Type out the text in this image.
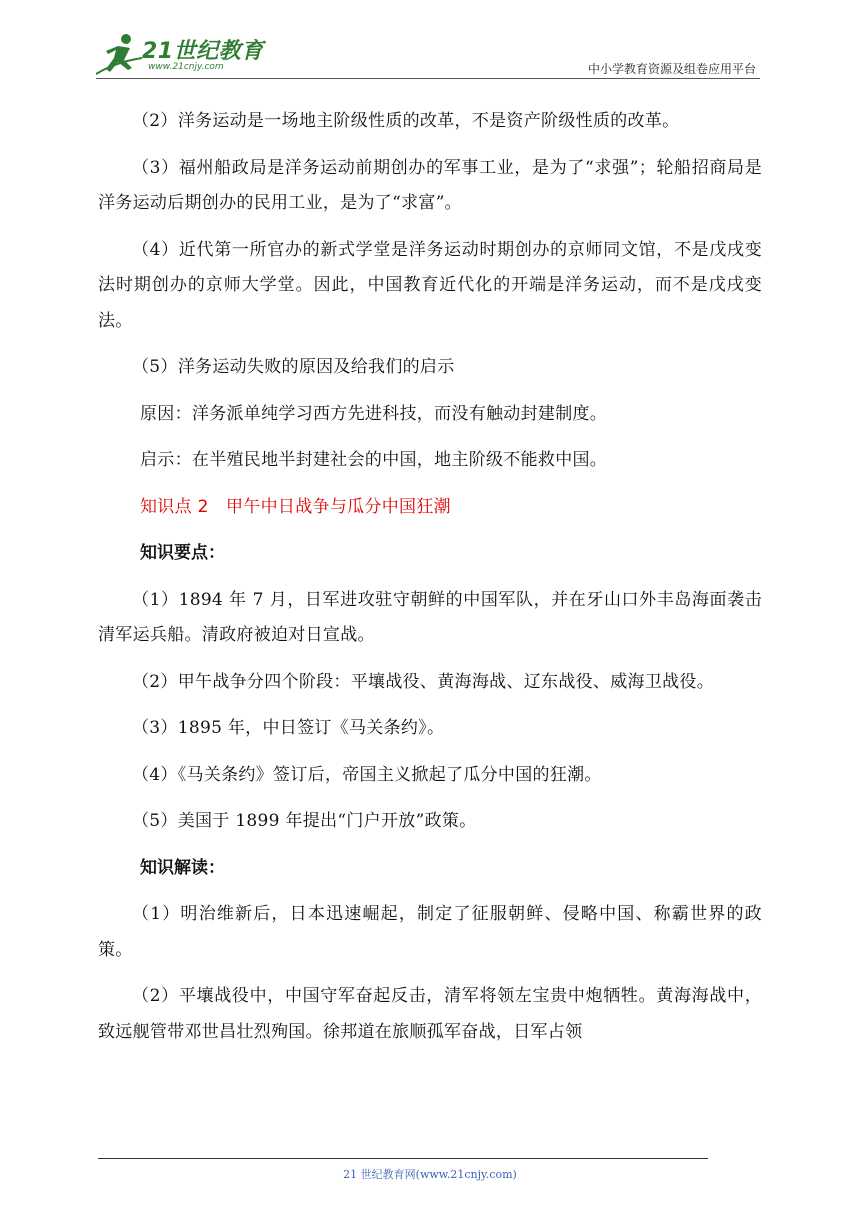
21世纪教育
www.21cnjy.com	中小学教育资源及组卷应用平台

（2）洋务运动是一场地主阶级性质的改革，不是资产阶级性质的改革。

（3）福州船政局是洋务运动前期创办的军事工业，是为了“求强”；轮船招商局是洋务运动后期创办的民用工业，是为了“求富”。

（4）近代第一所官办的新式学堂是洋务运动时期创办的京师同文馆，不是戊戌变法时期创办的京师大学堂。因此，中国教育近代化的开端是洋务运动，而不是戊戌变法。

（5）洋务运动失败的原因及给我们的启示

原因：洋务派单纯学习西方先进科技，而没有触动封建制度。

启示：在半殖民地半封建社会的中国，地主阶级不能救中国。

知识点 2　甲午中日战争与瓜分中国狂潮
知识要点：

（1）1894 年 7 月，日军进攻驻守朝鲜的中国军队，并在牙山口外丰岛海面袭击清军运兵船。清政府被迫对日宣战。

（2）甲午战争分四个阶段：平壤战役、黄海海战、辽东战役、威海卫战役。

（3）1895 年，中日签订《马关条约》。

（4）《马关条约》签订后，帝国主义掀起了瓜分中国的狂潮。

（5）美国于 1899 年提出“门户开放”政策。

知识解读：

（1）明治维新后，日本迅速崛起，制定了征服朝鲜、侵略中国、称霸世界的政策。

（2）平壤战役中，中国守军奋起反击，清军将领左宝贵中炮牺牲。黄海海战中，致远舰管带邓世昌壮烈殉国。徐邦道在旅顺孤军奋战，日军占领

21 世纪教育网(www.21cnjy.com)
